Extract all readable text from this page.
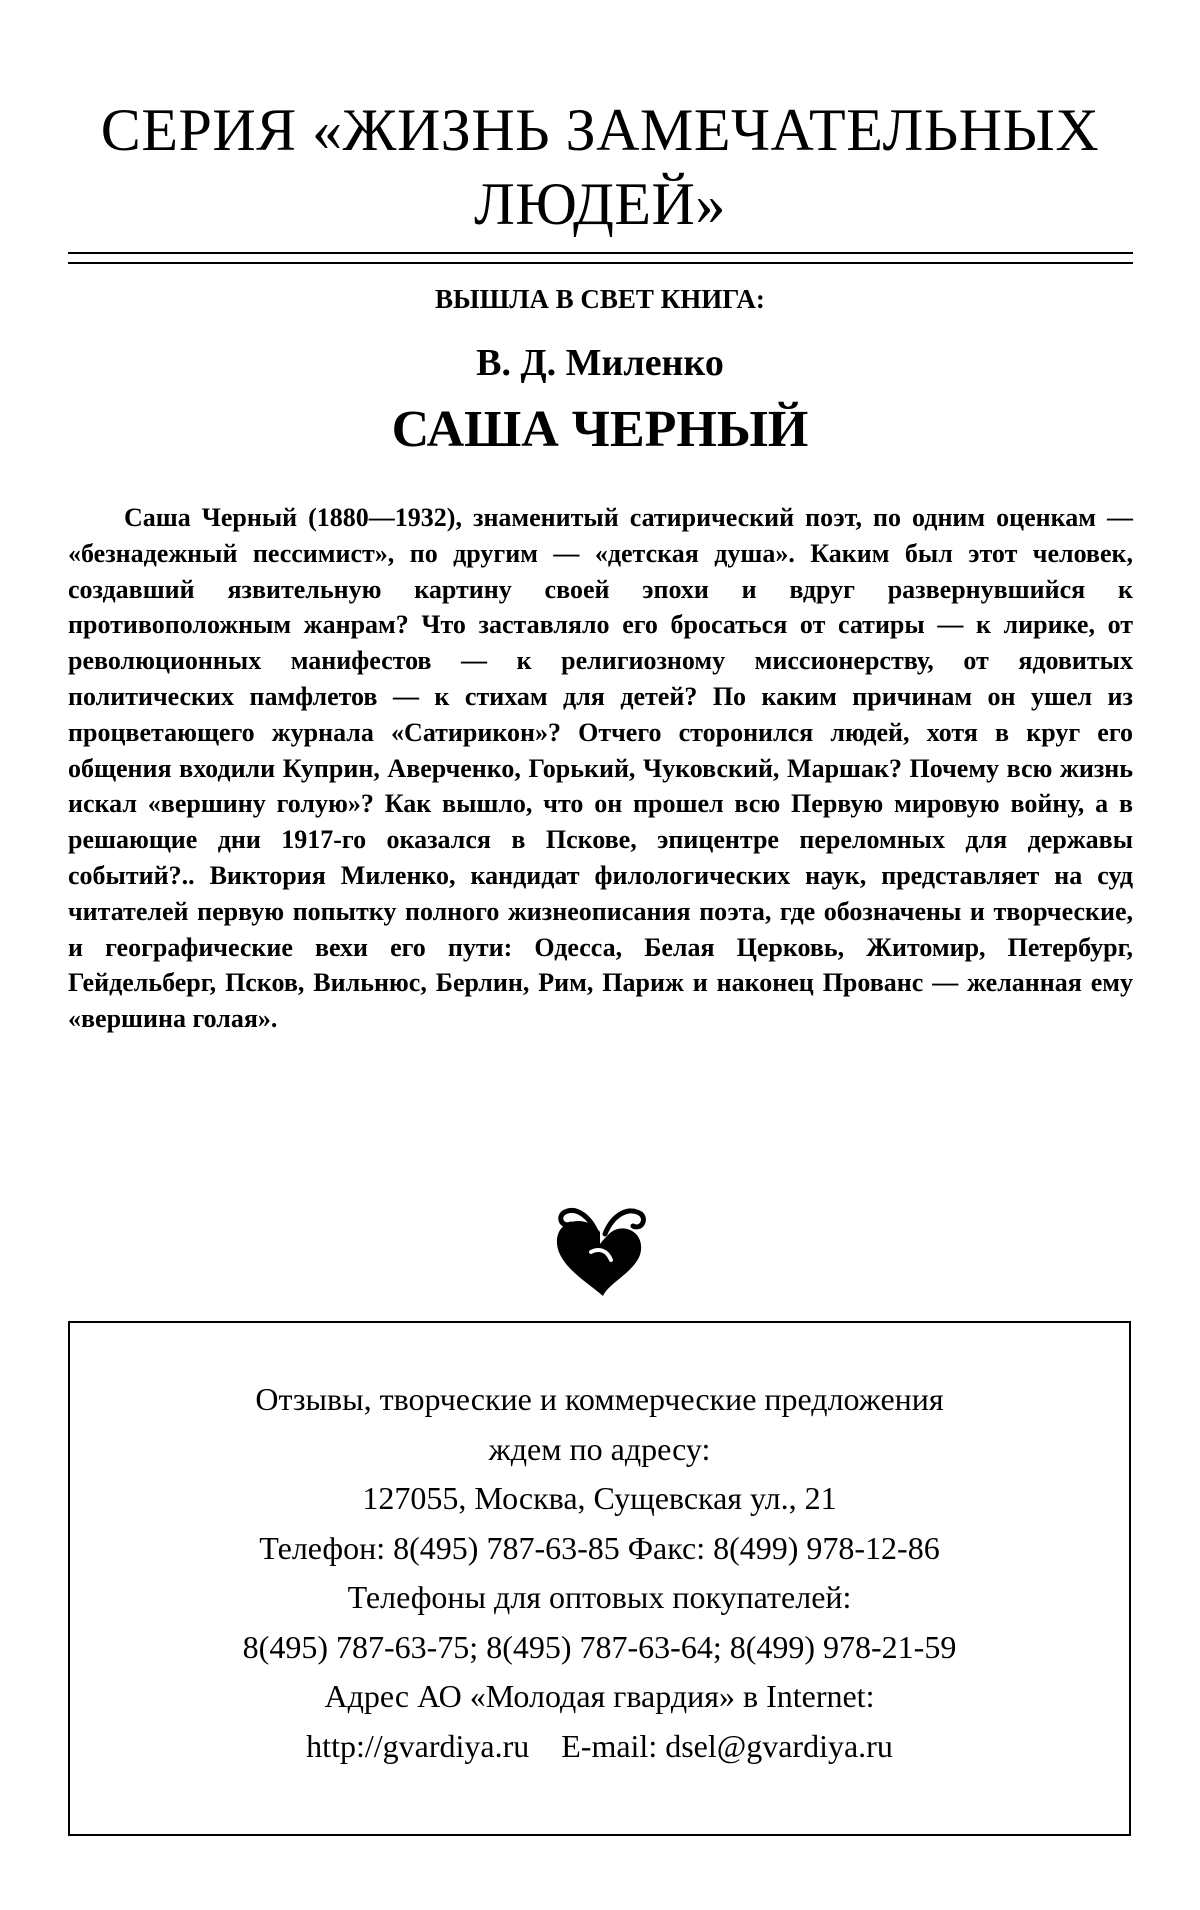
СЕРИЯ «ЖИЗНЬ ЗАМЕЧАТЕЛЬНЫХ ЛЮДЕЙ»
ВЫШЛА В СВЕТ КНИГА:
В. Д. Миленко
САША ЧЕРНЫЙ

Саша Черный (1880—1932), знаменитый сатирический поэт, по одним оценкам — «безнадежный пессимист», по другим — «детская душа». Каким был этот человек, создавший язвительную картину своей эпохи и вдруг развернувшийся к противоположным жанрам? Что заставляло его бросаться от сатиры — к лирике, от революционных манифестов — к религиозному миссионерству, от ядовитых политических памфлетов — к стихам для детей? По каким причинам он ушел из процветающего журнала «Сатирикон»? Отчего сторонился людей, хотя в круг его общения входили Куприн, Аверченко, Горький, Чуковский, Маршак? Почему всю жизнь искал «вершину голую»? Как вышло, что он прошел всю Первую мировую войну, а в решающие дни 1917-го оказался в Пскове, эпицентре переломных для державы событий?.. Виктория Миленко, кандидат филологических наук, представляет на суд читателей первую попытку полного жизнеописания поэта, где обозначены и творческие, и географические вехи его пути: Одесса, Белая Церковь, Житомир, Петербург, Гейдельберг, Псков, Вильнюс, Берлин, Рим, Париж и наконец Прованс — желанная ему «вершина голая».

Отзывы, творческие и коммерческие предложения
ждем по адресу:
127055, Москва, Сущевская ул., 21
Телефон: 8(495) 787-63-85 Факс: 8(499) 978-12-86
Телефоны для оптовых покупателей:
8(495) 787-63-75; 8(495) 787-63-64; 8(499) 978-21-59
Адрес АО «Молодая гвардия» в Internet:
http://gvardiya.ru    E-mail: dsel@gvardiya.ru
